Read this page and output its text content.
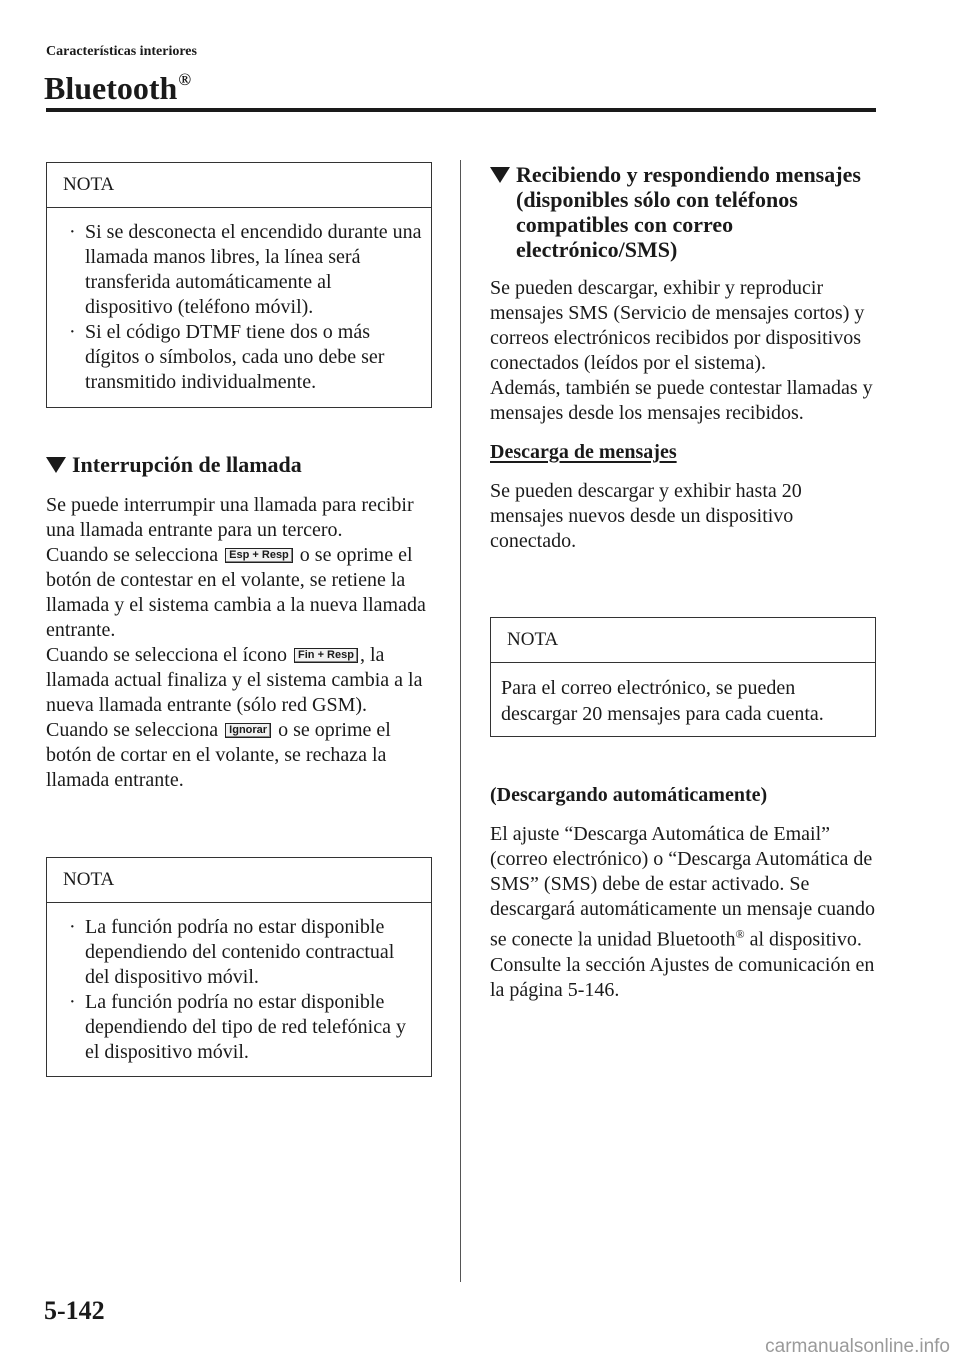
Características interiores
Bluetooth®
NOTA
· Si se desconecta el encendido durante una llamada manos libres, la línea será transferida automáticamente al dispositivo (teléfono móvil).
· Si el código DTMF tiene dos o más dígitos o símbolos, cada uno debe ser transmitido individualmente.
Interrupción de llamada

Se puede interrumpir una llamada para recibir una llamada entrante para un tercero.

Cuando se selecciona Esp + Resp o se oprime el botón de contestar en el volante, se retiene la llamada y el sistema cambia a la nueva llamada entrante.

Cuando se selecciona el ícono Fin + Resp , la llamada actual finaliza y el sistema cambia a la nueva llamada entrante (sólo red GSM).

Cuando se selecciona Ignorar o se oprime el botón de cortar en el volante, se rechaza la llamada entrante.

NOTA
· La función podría no estar disponible dependiendo del contenido contractual del dispositivo móvil.
· La función podría no estar disponible dependiendo del tipo de red telefónica y el dispositivo móvil.
Recibiendo y respondiendo mensajes (disponibles sólo con teléfonos compatibles con correo electrónico/SMS)

Se pueden descargar, exhibir y reproducir mensajes SMS (Servicio de mensajes cortos) y correos electrónicos recibidos por dispositivos conectados (leídos por el sistema).

Además, también se puede contestar llamadas y mensajes desde los mensajes recibidos.

Descarga de mensajes

Se pueden descargar y exhibir hasta 20 mensajes nuevos desde un dispositivo conectado.

NOTA
Para el correo electrónico, se pueden descargar 20 mensajes para cada cuenta.

(Descargando automáticamente)

El ajuste “Descarga Automática de Email” (correo electrónico) o “Descarga Automática de SMS” (SMS) debe de estar activado. Se descargará automáticamente un mensaje cuando se conecte la unidad Bluetooth® al dispositivo.

Consulte la sección Ajustes de comunicación en la página 5-146.

5-142
carmanualsonline.info
